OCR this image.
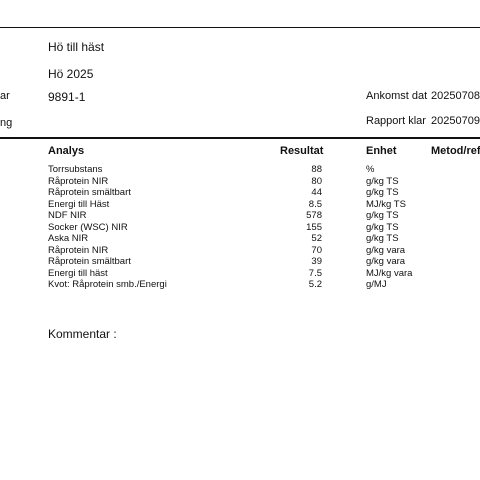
Hö till häst
Hö 2025
ar	9891-1	Ankomst dat 20250708
ng	Rapport klar 20250709
Analys	Resultat	Enhet	Metod/ref
Torrsubstans	88	%
Råprotein NIR	80	g/kg TS
Råprotein smältbart	44	g/kg TS
Energi till Häst	8.5	MJ/kg TS
NDF NIR	578	g/kg TS
Socker (WSC) NIR	155	g/kg TS
Aska NIR	52	g/kg TS
Råprotein NIR	70	g/kg vara
Råprotein smältbart	39	g/kg vara
Energi till häst	7.5	MJ/kg vara
Kvot: Råprotein smb./Energi	5.2	g/MJ
Kommentar :
